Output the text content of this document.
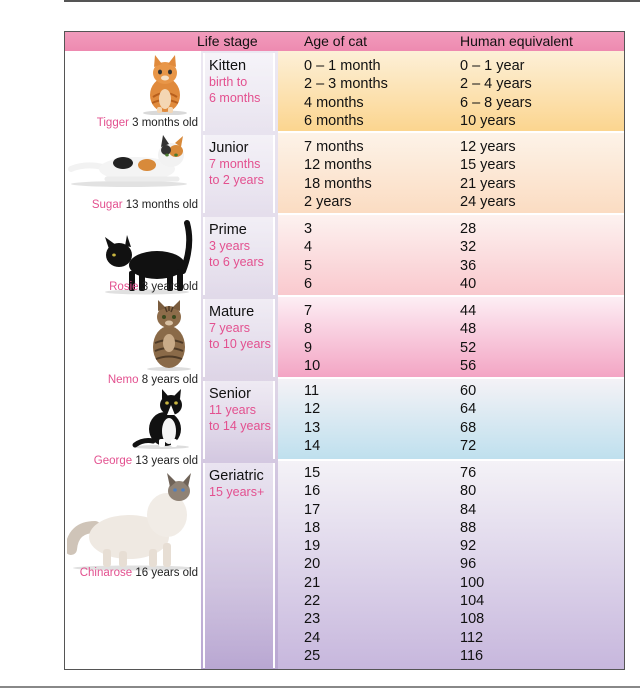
Life stage	Age of cat	Human equivalent
Kitten
birth to
6 months
Junior
7 months
to 2 years
Prime
3 years
to 6 years
Mature
7 years
to 10 years
Senior
11 years
to 14 years
Geriatric
15 years+
0 – 1 month
2 – 3 months
4 months
6 months
0 – 1 year
2 – 4 years
6 – 8 years
10 years
7 months
12 months
18 months
2 years
12 years
15 years
21 years
24 years
3
4
5
6
28
32
36
40
7
8
9
10
44
48
52
56
11
12
13
14
60
64
68
72
15
16
17
18
19
20
21
22
23
24
25
76
80
84
88
92
96
100
104
108
112
116
Tigger 3 months old
Sugar 13 months old
Rosie 3 years old
Nemo 8 years old
George 13 years old
Chinarose 16 years old
